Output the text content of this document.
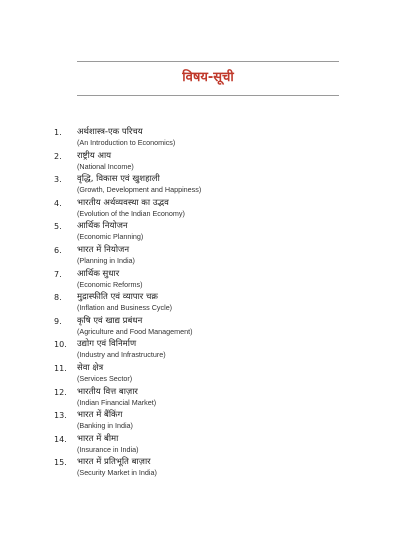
विषय-सूची
1. अर्थशास्त्र-एक परिचय
(An Introduction to Economics)
2. राष्ट्रीय आय
(National Income)
3. वृद्धि, विकास एवं खुशहाली
(Growth, Development and Happiness)
4. भारतीय अर्थव्यवस्था का उद्भव
(Evolution of the Indian Economy)
5. आर्थिक नियोजन
(Economic Planning)
6. भारत में नियोजन
(Planning in India)
7. आर्थिक सुधार
(Economic Reforms)
8. मुद्रास्फीति एवं व्यापार चक्र
(Inflation and Business Cycle)
9. कृषि एवं खाद्य प्रबंधन
(Agriculture and Food Management)
10. उद्योग एवं विनिर्माण
(Industry and Infrastructure)
11. सेवा क्षेत्र
(Services Sector)
12. भारतीय वित्त बाज़ार
(Indian Financial Market)
13. भारत में बैंकिंग
(Banking in India)
14. भारत में बीमा
(Insurance in India)
15. भारत में प्रतिभूति बाज़ार
(Security Market in India)
